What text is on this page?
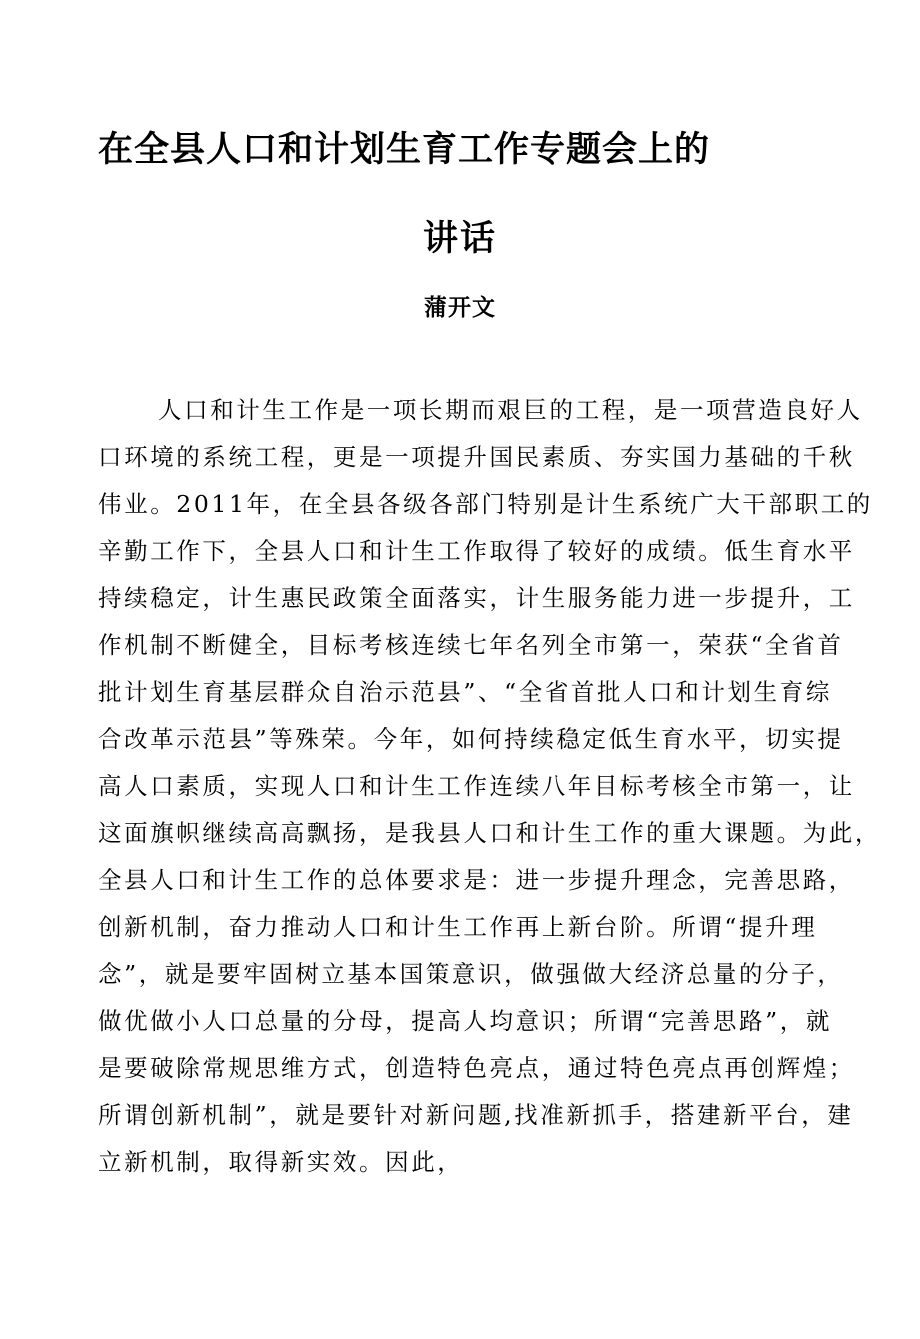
在全县人口和计划生育工作专题会上的
讲话
蒲开文
人口和计生工作是一项长期而艰巨的工程，是一项营造良好人
口环境的系统工程，更是一项提升国民素质、夯实国力基础的千秋
伟业。2011年，在全县各级各部门特别是计生系统广大干部职工的
辛勤工作下，全县人口和计生工作取得了较好的成绩。低生育水平
持续稳定，计生惠民政策全面落实，计生服务能力进一步提升，工
作机制不断健全，目标考核连续七年名列全市第一，荣获“全省首
批计划生育基层群众自治示范县”、“全省首批人口和计划生育综
合改革示范县”等殊荣。今年，如何持续稳定低生育水平，切实提
高人口素质，实现人口和计生工作连续八年目标考核全市第一，让
这面旗帜继续高高飘扬，是我县人口和计生工作的重大课题。为此，
全县人口和计生工作的总体要求是：进一步提升理念，完善思路，
创新机制，奋力推动人口和计生工作再上新台阶。所谓“提升理
念”，就是要牢固树立基本国策意识，做强做大经济总量的分子，
做优做小人口总量的分母，提高人均意识；所谓“完善思路”，就
是要破除常规思维方式，创造特色亮点，通过特色亮点再创辉煌；
所谓创新机制”，就是要针对新问题,找准新抓手，搭建新平台，建
立新机制，取得新实效。因此，
